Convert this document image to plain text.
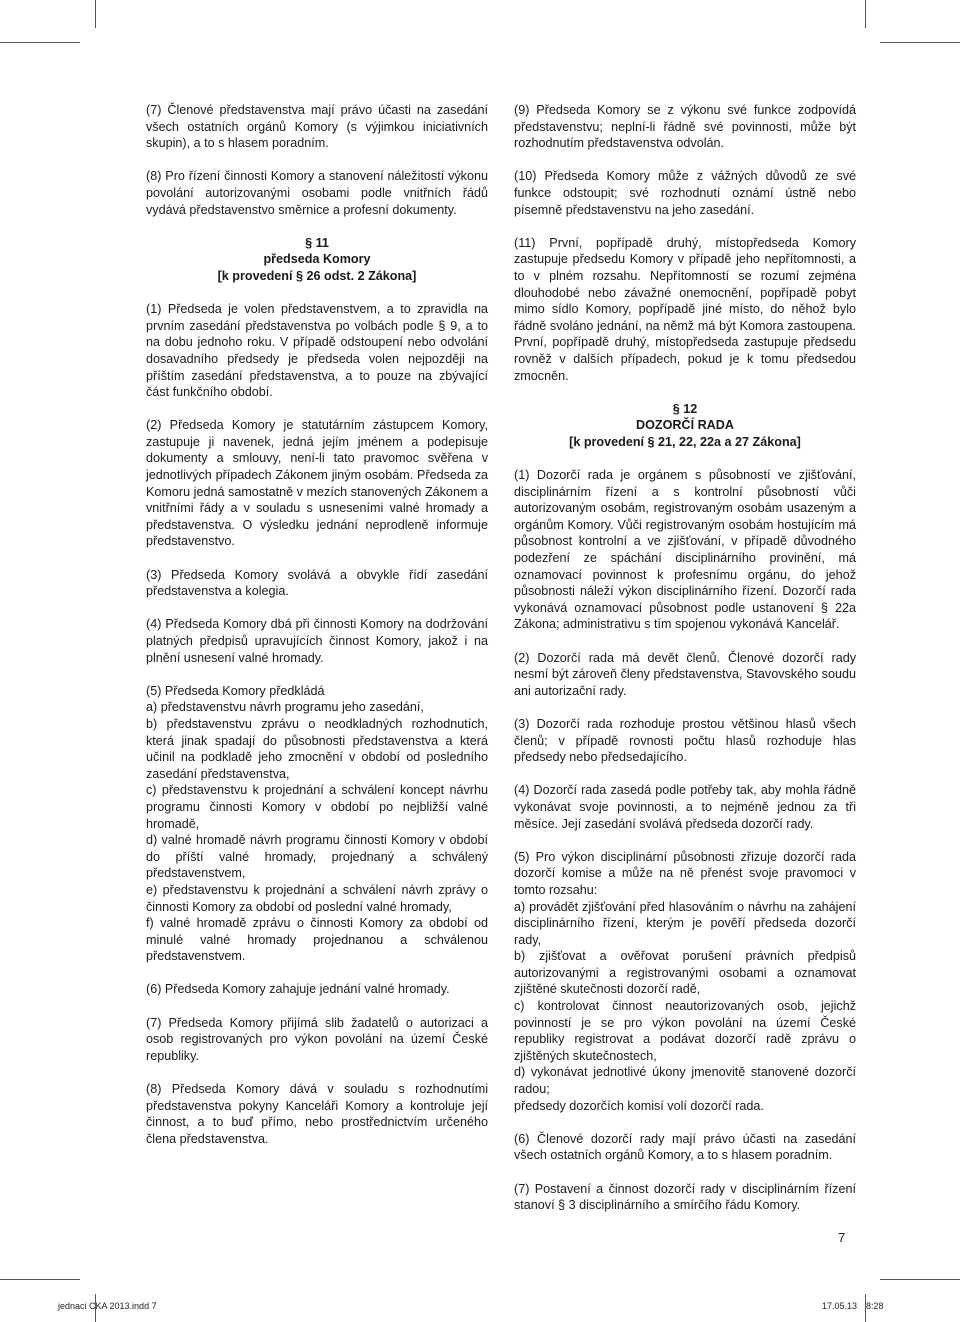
(7) Členové představenstva mají právo účasti na zasedání všech ostatních orgánů Komory (s výjimkou iniciativních skupin), a to s hlasem poradním.

(8) Pro řízení činnosti Komory a stanovení náležitostí výkonu povolání autorizovanými osobami podle vnitřních řádů vydává představenstvo směrnice a profesní dokumenty.

§ 11
předseda Komory
[k provedení § 26 odst. 2 Zákona]

(1) Předseda je volen představenstvem, a to zpravidla na prvním zasedání představenstva po volbách podle § 9, a to na dobu jednoho roku. V případě odstoupení nebo odvolání dosavadního předsedy je předseda volen nejpozději na příštím zasedání představenstva, a to pouze na zbývající část funkčního období.

(2) Předseda Komory je statutárním zástupcem Komory, zastupuje ji navenek, jedná jejím jménem a podepisuje dokumenty a smlouvy, není-li tato pravomoc svěřena v jednotlivých případech Zákonem jiným osobám. Předseda za Komoru jedná samostatně v mezích stanovených Zákonem a vnitřními řády a v souladu s usneseními valné hromady a představenstva. O výsledku jednání neprodleně informuje představenstvo.

(3) Předseda Komory svolává a obvykle řídí zasedání představenstva a kolegia.

(4) Předseda Komory dbá při činnosti Komory na dodržování platných předpisů upravujících činnost Komory, jakož i na plnění usnesení valné hromady.

(5) Předseda Komory předkládá
a) představenstvu návrh programu jeho zasedání,
b) představenstvu zprávu o neodkladných rozhodnutích, která jinak spadají do působnosti představenstva a která učinil na podkladě jeho zmocnění v období od posledního zasedání představenstva,
c) představenstvu k projednání a schválení koncept návrhu programu činnosti Komory v období po nejbližší valné hromadě,
d) valné hromadě návrh programu činnosti Komory v období do příští valné hromady, projednaný a schválený představenstvem,
e) představenstvu k projednání a schválení návrh zprávy o činnosti Komory za období od poslední valné hromady,
f) valné hromadě zprávu o činnosti Komory za období od minulé valné hromady projednanou a schválenou představenstvem.

(6) Předseda Komory zahajuje jednání valné hromady.

(7) Předseda Komory přijímá slib žadatelů o autorizaci a osob registrovaných pro výkon povolání na území České republiky.

(8) Předseda Komory dává v souladu s rozhodnutími představenstva pokyny Kanceláři Komory a kontroluje její činnost, a to buď přímo, nebo prostřednictvím určeného člena představenstva.

(9) Předseda Komory se z výkonu své funkce zodpovídá představenstvu; neplní-li řádně své povinnosti, může být rozhodnutím představenstva odvolán.

(10) Předseda Komory může z vážných důvodů ze své funkce odstoupit; své rozhodnutí oznámí ústně nebo písemně představenstvu na jeho zasedání.

(11) První, popřípadě druhý, místopředseda Komory zastupuje předsedu Komory v případě jeho nepřítomnosti, a to v plném rozsahu. Nepřítomností se rozumí zejména dlouhodobé nebo závažné onemocnění, popřípadě pobyt mimo sídlo Komory, popřípadě jiné místo, do něhož bylo řádně svoláno jednání, na němž má být Komora zastoupena. První, popřípadě druhý, místopředseda zastupuje předsedu rovněž v dalších případech, pokud je k tomu předsedou zmocněn.

§ 12
DOZORČÍ RADA
[k provedení § 21, 22, 22a a 27 Zákona]

(1) Dozorčí rada je orgánem s působností ve zjišťování, disciplinárním řízení a s kontrolní působností vůči autorizovaným osobám, registrovaným osobám usazeným a orgánům Komory. Vůči registrovaným osobám hostujícím má působnost kontrolní a ve zjišťování, v případě důvodného podezření ze spáchání disciplinárního provinění, má oznamovací povinnost k profesnímu orgánu, do jehož působnosti náleží výkon disciplinárního řízení. Dozorčí rada vykonává oznamovací působnost podle ustanovení § 22a Zákona; administrativu s tím spojenou vykonává Kancelář.

(2) Dozorčí rada má devět členů. Členové dozorčí rady nesmí být zároveň členy představenstva, Stavovského soudu ani autorizační rady.

(3) Dozorčí rada rozhoduje prostou většinou hlasů všech členů; v případě rovnosti počtu hlasů rozhoduje hlas předsedy nebo předsedajícího.

(4) Dozorčí rada zasedá podle potřeby tak, aby mohla řádně vykonávat svoje povinnosti, a to nejméně jednou za tři měsíce. Její zasedání svolává předseda dozorčí rady.

(5) Pro výkon disciplinární působnosti zřizuje dozorčí rada dozorčí komise a může na ně přenést svoje pravomoci v tomto rozsahu:
a) provádět zjišťování před hlasováním o návrhu na zahájení disciplinárního řízení, kterým je pověří předseda dozorčí rady,
b) zjišťovat a ověřovat porušení právních předpisů autorizovanými a registrovanými osobami a oznamovat zjištěné skutečnosti dozorčí radě,
c) kontrolovat činnost neautorizovaných osob, jejichž povinností je se pro výkon povolání na území České republiky registrovat a podávat dozorčí radě zprávu o zjištěných skutečnostech,
d) vykonávat jednotlivé úkony jmenovitě stanovené dozorčí radou;
předsedy dozorčích komisí volí dozorčí rada.

(6) Členové dozorčí rady mají právo účasti na zasedání všech ostatních orgánů Komory, a to s hlasem poradním.

(7) Postavení a činnost dozorčí rady v disciplinárním řízení stanoví § 3 disciplinárního a smírčího řádu Komory.

7
jednaci CKA 2013.indd 7	17.05.13 8:28
